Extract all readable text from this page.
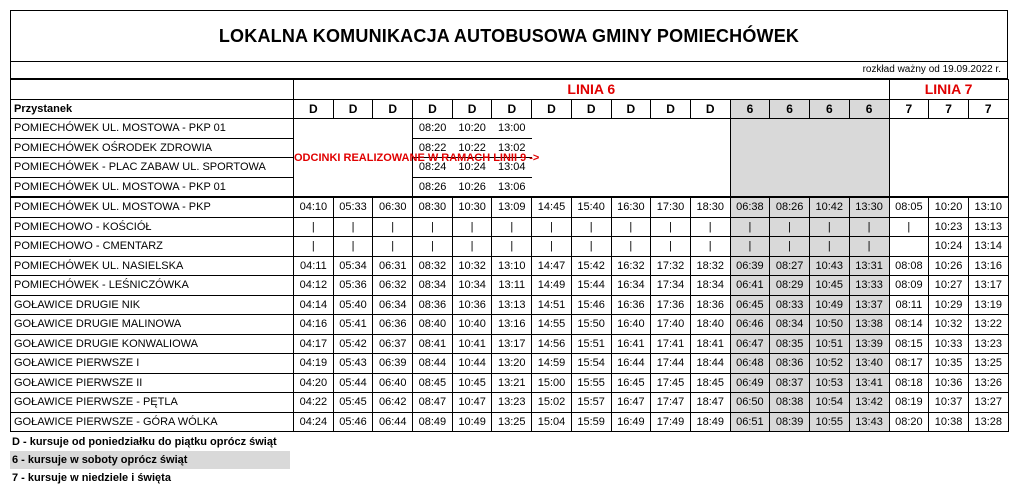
LOKALNA KOMUNIKACJA AUTOBUSOWA GMINY POMIECHÓWEK
rozkład ważny od 19.09.2022 r.
	LINIA 6															LINIA 7		
Przystanek	D	D	D	D	D	D	D	D	D	D	D	6	6	6	6	7	7	7
POMIECHÓWEK UL. MOSTOWA - PKP 01	ODCINKI REALIZOWANE W RAMACH LINII 9 ->			08:20	10:20	13:00												
POMIECHÓWEK OŚRODEK ZDROWIA				08:22	10:22	13:02												
POMIECHÓWEK - PLAC ZABAW UL. SPORTOWA				08:24	10:24	13:04												
POMIECHÓWEK UL. MOSTOWA - PKP 01				08:26	10:26	13:06												
POMIECHÓWEK UL. MOSTOWA - PKP	04:10	05:33	06:30	08:30	10:30	13:09	14:45	15:40	16:30	17:30	18:30	06:38	08:26	10:42	13:30	08:05	10:20	13:10
POMIECHOWO - KOŚCIÓŁ	|	|	|	|	|	|	|	|	|	|	|	|	|	|	|	|	10:23	13:13
POMIECHOWO - CMENTARZ	|	|	|	|	|	|	|	|	|	|	|	|	|	|	|		10:24	13:14
POMIECHÓWEK UL. NASIELSKA	04:11	05:34	06:31	08:32	10:32	13:10	14:47	15:42	16:32	17:32	18:32	06:39	08:27	10:43	13:31	08:08	10:26	13:16
POMIECHÓWEK - LEŚNICZÓWKA	04:12	05:36	06:32	08:34	10:34	13:11	14:49	15:44	16:34	17:34	18:34	06:41	08:29	10:45	13:33	08:09	10:27	13:17
GOŁAWICE DRUGIE NIK	04:14	05:40	06:34	08:36	10:36	13:13	14:51	15:46	16:36	17:36	18:36	06:45	08:33	10:49	13:37	08:11	10:29	13:19
GOŁAWICE DRUGIE MALINOWA	04:16	05:41	06:36	08:40	10:40	13:16	14:55	15:50	16:40	17:40	18:40	06:46	08:34	10:50	13:38	08:14	10:32	13:22
GOŁAWICE DRUGIE KONWALIOWA	04:17	05:42	06:37	08:41	10:41	13:17	14:56	15:51	16:41	17:41	18:41	06:47	08:35	10:51	13:39	08:15	10:33	13:23
GOŁAWICE PIERWSZE I	04:19	05:43	06:39	08:44	10:44	13:20	14:59	15:54	16:44	17:44	18:44	06:48	08:36	10:52	13:40	08:17	10:35	13:25
GOŁAWICE PIERWSZE II	04:20	05:44	06:40	08:45	10:45	13:21	15:00	15:55	16:45	17:45	18:45	06:49	08:37	10:53	13:41	08:18	10:36	13:26
GOŁAWICE PIERWSZE - PĘTLA	04:22	05:45	06:42	08:47	10:47	13:23	15:02	15:57	16:47	17:47	18:47	06:50	08:38	10:54	13:42	08:19	10:37	13:27
GOŁAWICE PIERWSZE - GÓRA WÓLKA	04:24	05:46	06:44	08:49	10:49	13:25	15:04	15:59	16:49	17:49	18:49	06:51	08:39	10:55	13:43	08:20	10:38	13:28
D - kursuje od poniedziałku do piątku oprócz świąt
6 - kursuje w soboty oprócz świąt
7 - kursuje w niedziele i święta
